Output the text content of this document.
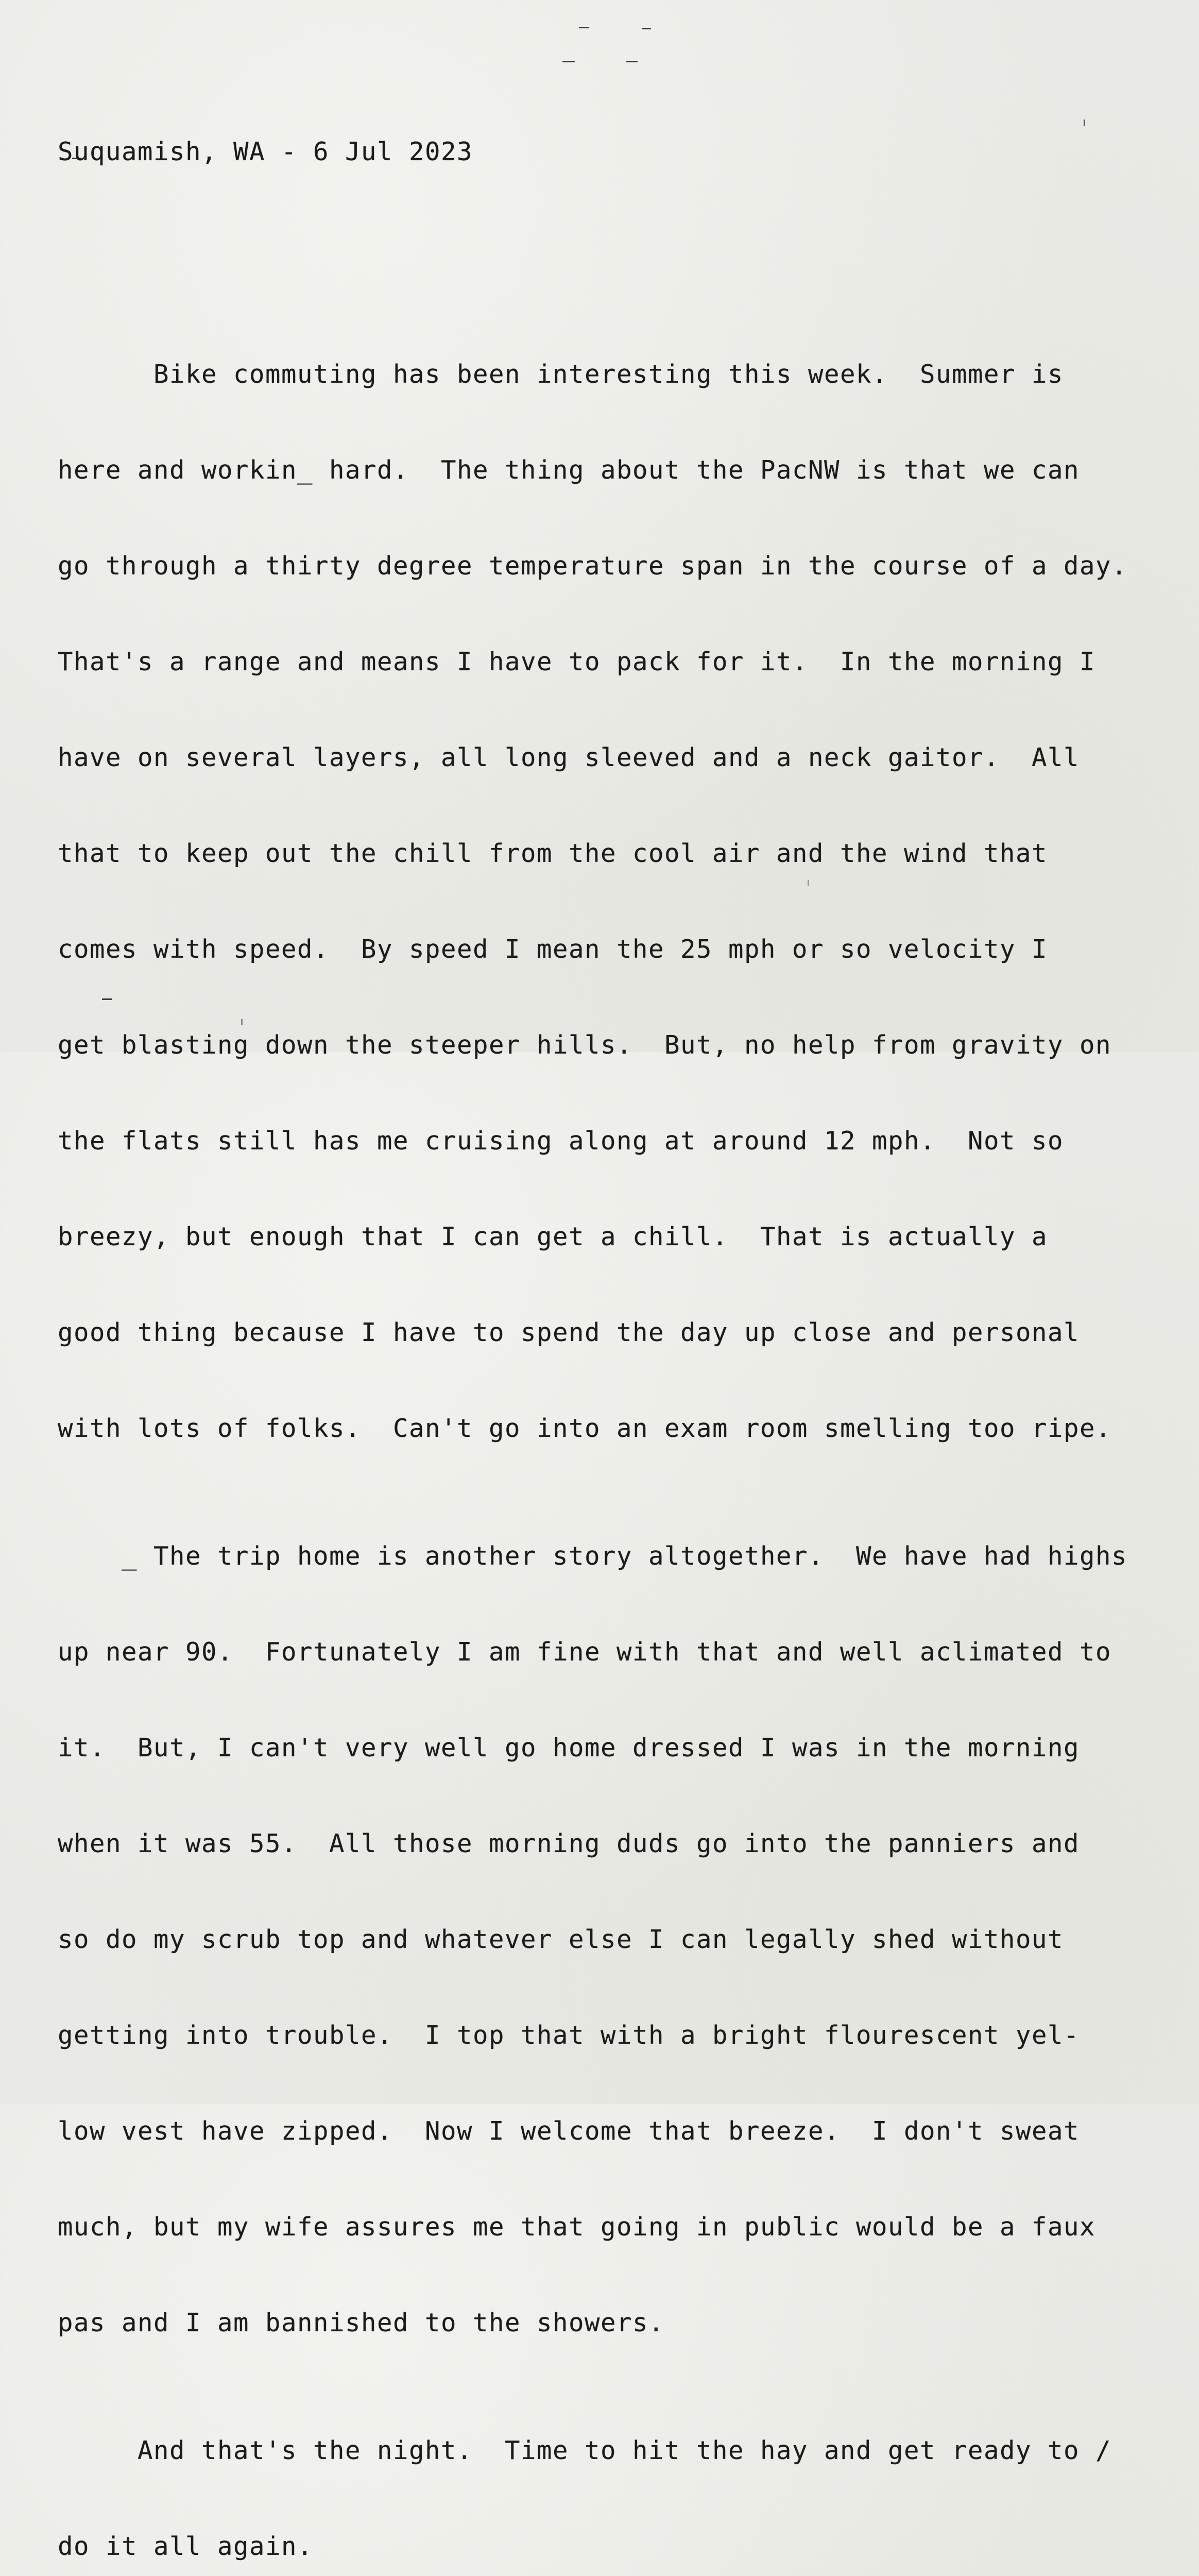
Suquamish, WA - 6 Jul 2023

Bike commuting has been interesting this week.  Summer is

here and workin_ hard.  The thing about the PacNW is that we can

go through a thirty degree temperature span in the course of a day.

That's a range and means I have to pack for it.  In the morning I

have on several layers, all long sleeved and a neck gaitor.  All

that to keep out the chill from the cool air and the wind that

comes with speed.  By speed I mean the 25 mph or so velocity I

get blasting down the steeper hills.  But, no help from gravity on

the flats still has me cruising along at around 12 mph.  Not so

breezy, but enough that I can get a chill.  That is actually a

good thing because I have to spend the day up close and personal

with lots of folks.  Can't go into an exam room smelling too ripe.

_ The trip home is another story altogether.  We have had highs

up near 90.  Fortunately I am fine with that and well aclimated to

it.  But, I can't very well go home dressed I was in the morning

when it was 55.  All those morning duds go into the panniers and

so do my scrub top and whatever else I can legally shed without

getting into trouble.  I top that with a bright flourescent yel-

low vest have zipped.  Now I welcome that breeze.  I don't sweat

much, but my wife assures me that going in public would be a faux

pas and I am bannished to the showers.

And that's the night.  Time to hit the hay and get ready to /

do it all again.
